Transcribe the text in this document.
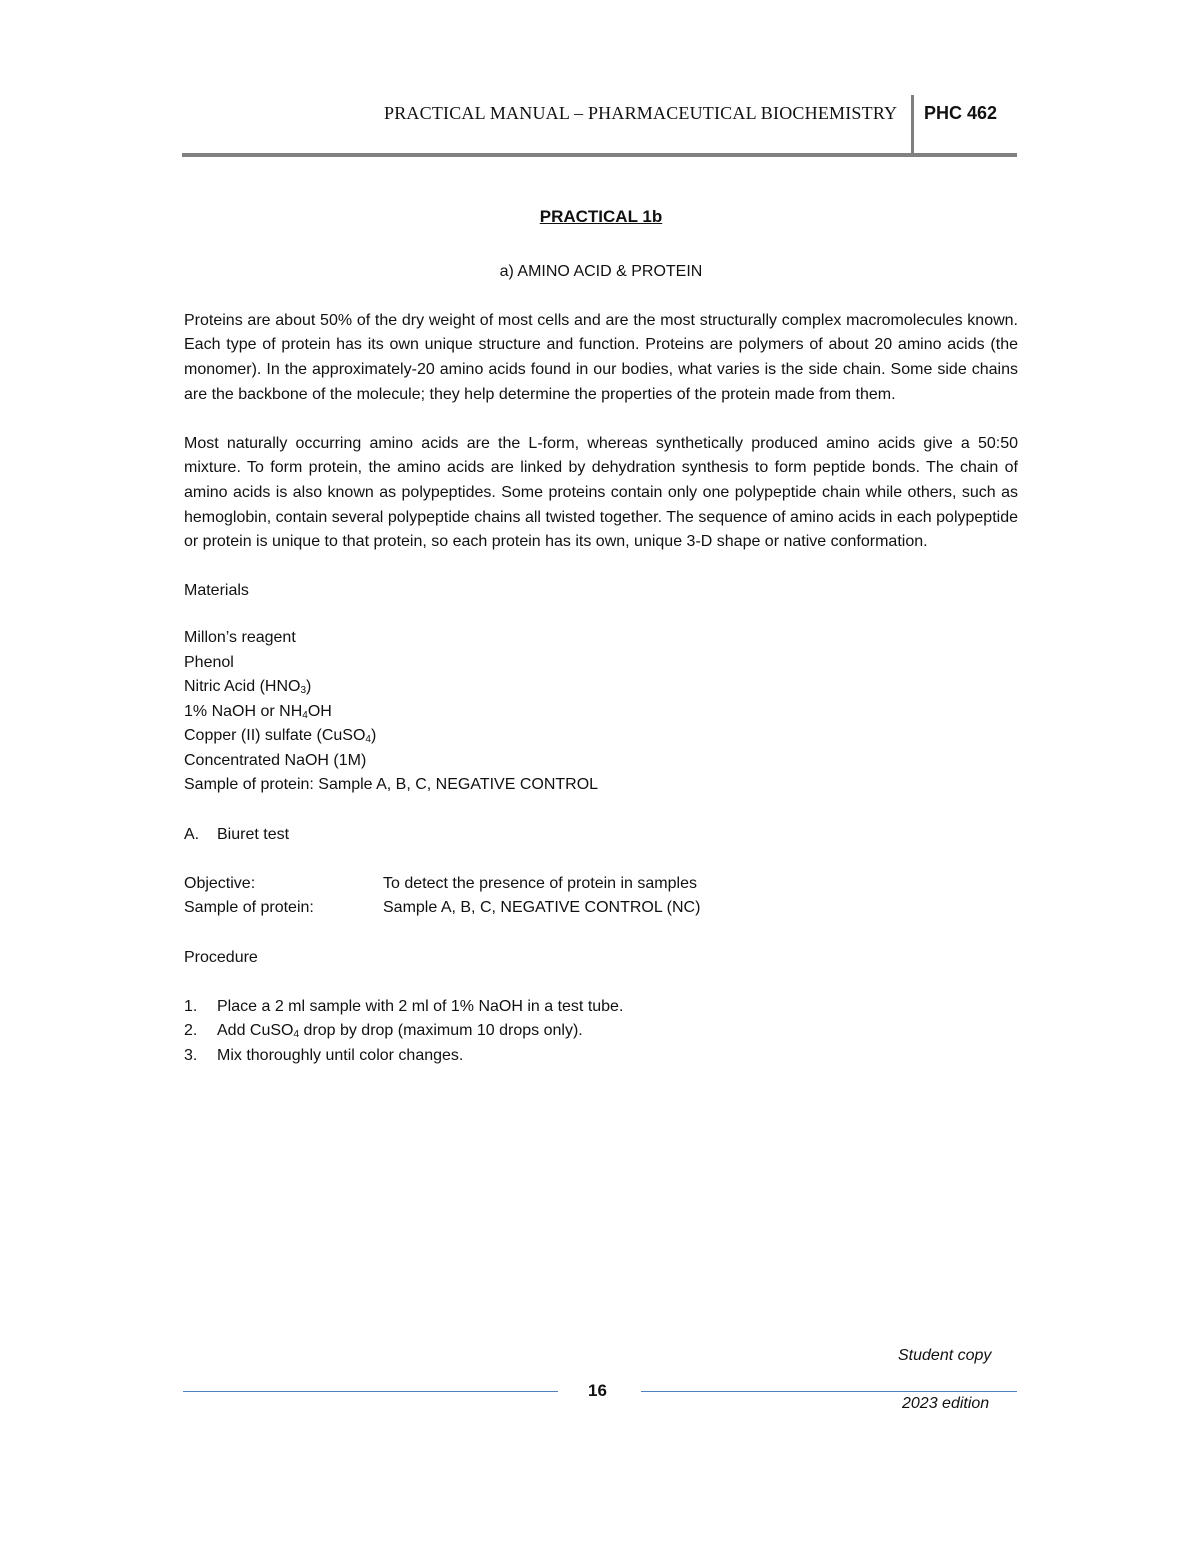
PRACTICAL MANUAL – PHARMACEUTICAL BIOCHEMISTRY PHC 462
PRACTICAL 1b
a) AMINO ACID & PROTEIN

Proteins are about 50% of the dry weight of most cells and are the most structurally complex macromolecules known. Each type of protein has its own unique structure and function. Proteins are polymers of about 20 amino acids (the monomer). In the approximately-20 amino acids found in our bodies, what varies is the side chain. Some side chains are the backbone of the molecule; they help determine the properties of the protein made from them.

Most naturally occurring amino acids are the L-form, whereas synthetically produced amino acids give a 50:50 mixture. To form protein, the amino acids are linked by dehydration synthesis to form peptide bonds. The chain of amino acids is also known as polypeptides. Some proteins contain only one polypeptide chain while others, such as hemoglobin, contain several polypeptide chains all twisted together. The sequence of amino acids in each polypeptide or protein is unique to that protein, so each protein has its own, unique 3-D shape or native conformation.

Materials
Millon’s reagent
Phenol
Nitric Acid $(HNO_3)$
1% NaOH or $NH_4OH$
Copper (II) sulfate (CuSO$_4$)
Concentrated NaOH (1M)
Sample of protein: Sample A, B, C, NEGATIVE CONTROL
A.	Biuret test
Objective:	To detect the presence of protein in samples
Sample of protein:	Sample A, B, C, NEGATIVE CONTROL (NC)
Procedure
1.	Place a 2 ml sample with 2 ml of 1% NaOH in a test tube.
2.	Add CuSO$_4$ drop by drop (maximum 10 drops only).
3.	Mix thoroughly until color changes.
Student copy
16
2023 edition
